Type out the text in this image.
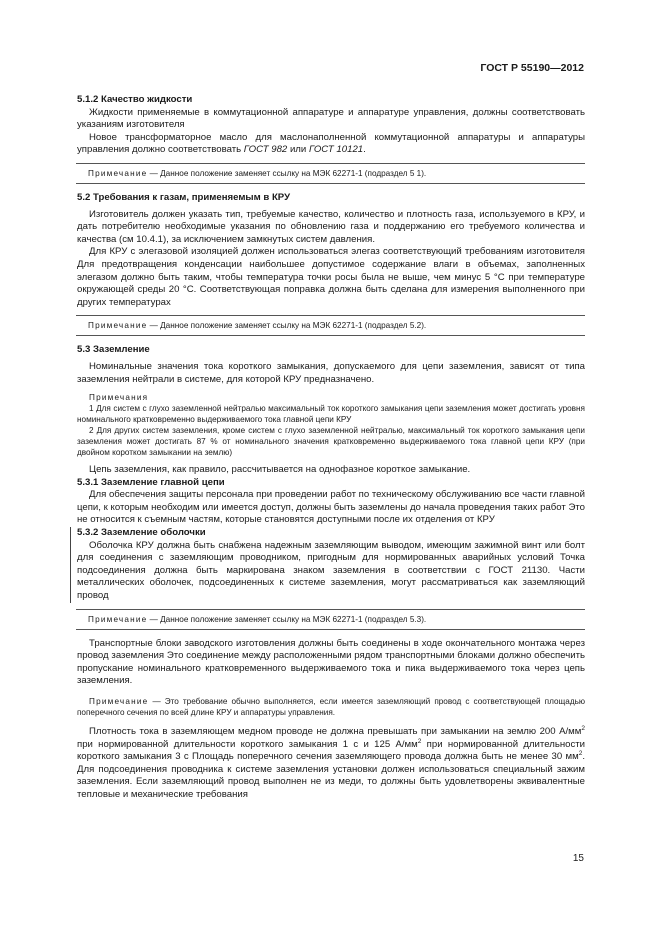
ГОСТ Р 55190—2012

5.1.2 Качество жидкости

Жидкости применяемые в коммутационной аппаратуре и аппаратуре управления, должны соответствовать указаниям изготовителя

Новое трансформаторное масло для маслонаполненной коммутационной аппаратуры и аппаратуры управления должно соответствовать ГОСТ 982 или ГОСТ 10121.

Примечание — Данное положение заменяет ссылку на МЭК 62271-1 (подраздел 5 1).

5.2 Требования к газам, применяемым в КРУ

Изготовитель должен указать тип, требуемые качество, количество и плотность газа, используемого в КРУ, и дать потребителю необходимые указания по обновлению газа и поддержанию его требуемого количества и качества (см 10.4.1), за исключением замкнутых систем давления.

Для КРУ с элегазовой изоляцией должен использоваться элегаз соответствующий требованиям изготовителя Для предотвращения конденсации наибольшее допустимое содержание влаги в объемах, заполненных элегазом должно быть таким, чтобы температура точки росы была не выше, чем минус 5 °С при температуре окружающей среды 20 °С. Соответствующая поправка должна быть сделана для измерения выполненного при других температурах

Примечание — Данное положение заменяет ссылку на МЭК 62271-1 (подраздел 5.2).

5.3 Заземление

Номинальные значения тока короткого замыкания, допускаемого для цепи заземления, зависят от типа заземления нейтрали в системе, для которой КРУ предназначено.

Примечания

1 Для систем с глухо заземленной нейтралью максимальный ток короткого замыкания цепи заземления может достигать уровня номинального кратковременно выдерживаемого тока главной цепи КРУ

2 Для других систем заземления, кроме систем с глухо заземленной нейтралью, максимальный ток короткого замыкания цепи заземления может достигать 87 % от номинального значения кратковременно выдерживаемого тока главной цепи КРУ (при двойном коротком замыкании на землю)

Цепь заземления, как правило, рассчитывается на однофазное короткое замыкание.

5.3.1 Заземление главной цепи

Для обеспечения защиты персонала при проведении работ по техническому обслуживанию все части главной цепи, к которым необходим или имеется доступ, должны быть заземлены до начала проведения таких работ Это не относится к съемным частям, которые становятся доступными после их отделения от КРУ

5.3.2 Заземление оболочки

Оболочка КРУ должна быть снабжена надежным заземляющим выводом, имеющим зажимной винт или болт для соединения с заземляющим проводником, пригодным для нормированных аварийных условий Точка подсоединения должна быть маркирована знаком заземления в соответствии с ГОСТ 21130. Части металлических оболочек, подсоединенных к системе заземления, могут рассматриваться как заземляющий провод

Примечание — Данное положение заменяет ссылку на МЭК 62271-1 (подраздел 5.3).

Транспортные блоки заводского изготовления должны быть соединены в ходе окончательного монтажа через провод заземления Это соединение между расположенными рядом транспортными блоками должно обеспечить пропускание номинального кратковременного выдерживаемого тока и пика выдерживаемого тока через цепь заземления.

Примечание — Это требование обычно выполняется, если имеется заземляющий провод с соответствующей площадью поперечного сечения по всей длине КРУ и аппаратуры управления.

Плотность тока в заземляющем медном проводе не должна превышать при замыкании на землю 200 $А/мм^2$ при нормированной длительности короткого замыкания 1 с и 125 $А/мм^2$ при нормированной длительности короткого замыкания 3 с Площадь поперечного сечения заземляющего провода должна быть не менее 30 $мм^2$. Для подсоединения проводника к системе заземления установки должен использоваться специальный зажим заземления. Если заземляющий провод выполнен не из меди, то должны быть удовлетворены эквивалентные тепловые и механические требования

15
